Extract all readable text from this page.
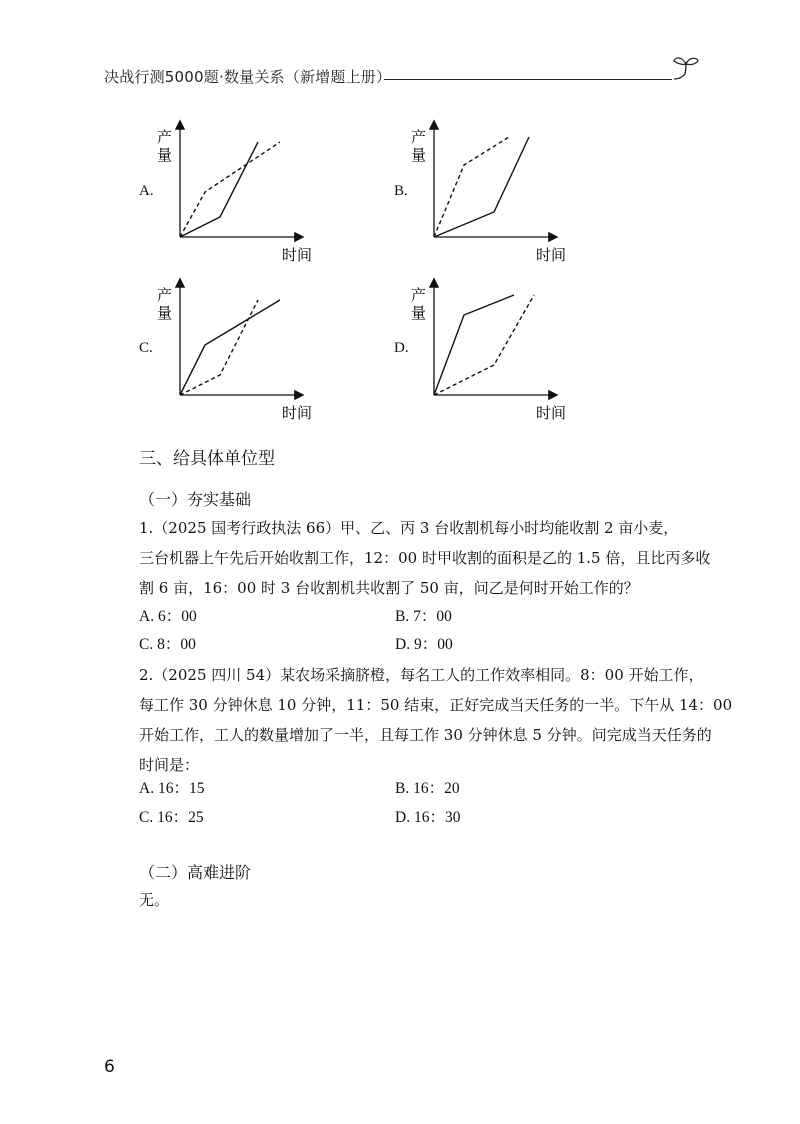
决战行测5000题·数量关系（新增题上册）
A.
产
量
时间
B.
产
量
时间
C.
产
量
时间
D.
产
量
时间
三、给具体单位型
（一）夯实基础
1.（2025 国考行政执法 66）甲、乙、丙 3 台收割机每小时均能收割 2 亩小麦，
三台机器上午先后开始收割工作，12：00 时甲收割的面积是乙的 1.5 倍，且比丙多收
割 6 亩，16：00 时 3 台收割机共收割了 50 亩，问乙是何时开始工作的？
A. 6：00	B. 7：00
C. 8：00	D. 9：00
2.（2025 四川 54）某农场采摘脐橙，每名工人的工作效率相同。8：00 开始工作，
每工作 30 分钟休息 10 分钟，11：50 结束，正好完成当天任务的一半。下午从 14：00
开始工作，工人的数量增加了一半，且每工作 30 分钟休息 5 分钟。问完成当天任务的
时间是：
A. 16：15	B. 16：20
C. 16：25	D. 16：30
（二）高难进阶
无。
6
